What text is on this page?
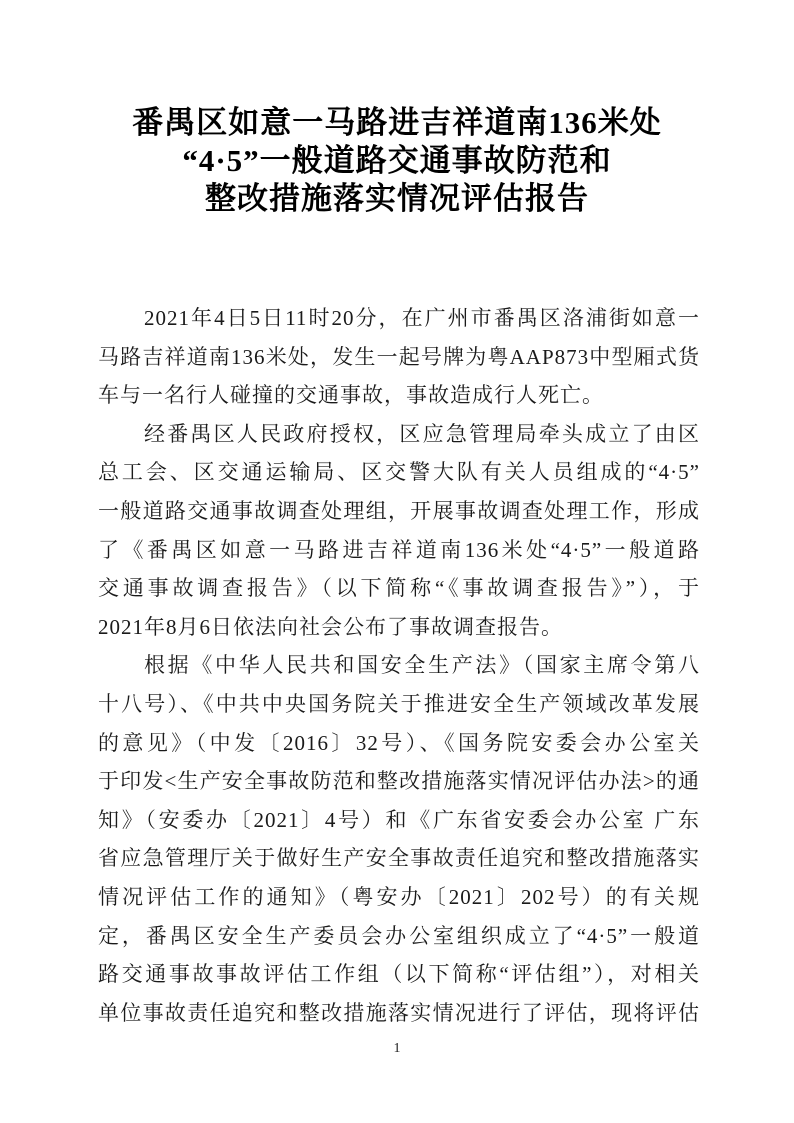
番禺区如意一马路进吉祥道南136米处
“4·5”一般道路交通事故防范和
整改措施落实情况评估报告
2021年4日5日11时20分，在广州市番禺区洛浦街如意一
马路吉祥道南136米处，发生一起号牌为粤AAP873中型厢式货
车与一名行人碰撞的交通事故，事故造成行人死亡。
经番禺区人民政府授权，区应急管理局牵头成立了由区
总工会、区交通运输局、区交警大队有关人员组成的“4·5”
一般道路交通事故调查处理组，开展事故调查处理工作，形成
了《番禺区如意一马路进吉祥道南136米处“4·5”一般道路
交通事故调查报告》（以下简称“《事故调查报告》”），于
2021年8月6日依法向社会公布了事故调查报告。
根据《中华人民共和国安全生产法》（国家主席令第八
十八号）、《中共中央国务院关于推进安全生产领域改革发展
的意见》（中发〔2016〕32号）、《国务院安委会办公室关
于印发<生产安全事故防范和整改措施落实情况评估办法>的通
知》（安委办〔2021〕4号）和《广东省安委会办公室 广东
省应急管理厅关于做好生产安全事故责任追究和整改措施落实
情况评估工作的通知》（粤安办〔2021〕202号）的有关规
定，番禺区安全生产委员会办公室组织成立了“4·5”一般道
路交通事故事故评估工作组（以下简称“评估组”），对相关
单位事故责任追究和整改措施落实情况进行了评估，现将评估
1
